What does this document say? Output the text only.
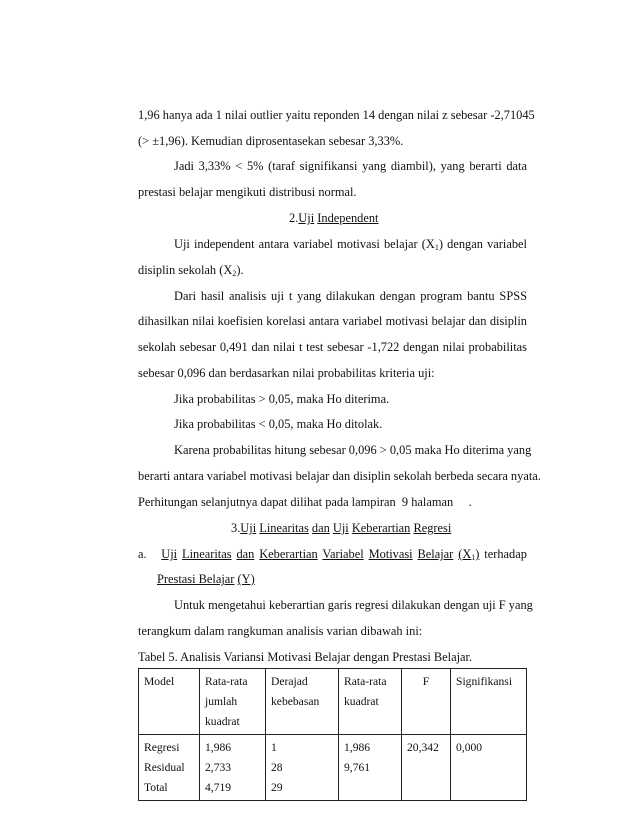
1,96 hanya ada 1 nilai outlier yaitu reponden 14 dengan nilai z sebesar -2,71045
(> ±1,96). Kemudian diprosentasekan sebesar 3,33%.
Jadi 3,33% < 5% (taraf signifikansi yang diambil), yang berarti data
prestasi belajar mengikuti distribusi normal.
2.Uji Independent
Uji independent antara variabel motivasi belajar $(X_1)$ dengan variabel
disiplin sekolah $(X_2)$.
Dari hasil analisis uji t yang dilakukan dengan program bantu SPSS
dihasilkan nilai koefisien korelasi antara variabel motivasi belajar dan disiplin
sekolah sebesar 0,491 dan nilai t test sebesar -1,722 dengan nilai probabilitas
sebesar 0,096 dan berdasarkan nilai probabilitas kriteria uji:
Jika probabilitas > 0,05, maka Ho diterima.
Jika probabilitas < 0,05, maka Ho ditolak.
Karena probabilitas hitung sebesar 0,096 > 0,05 maka Ho diterima yang
berarti antara variabel motivasi belajar dan disiplin sekolah berbeda secara nyata.
Perhitungan selanjutnya dapat dilihat pada lampiran  9 halaman     .
3.Uji Linearitas dan Uji Keberartian Regresi
a. Uji Linearitas dan Keberartian Variabel Motivasi Belajar $(X_1)$ terhadap
Prestasi Belajar (Y)
Untuk mengetahui keberartian garis regresi dilakukan dengan uji F yang
terangkum dalam rangkuman analisis varian dibawah ini:
Tabel 5. Analisis Variansi Motivasi Belajar dengan Prestasi Belajar.
Model	Rata-rata
jumlah
kuadrat	Derajad
kebebasan	Rata-rata
kuadrat	F	Signifikansi

Regresi
Residual
Total	1,986
2,733
4,719	1
28
29	1,986
9,761	20,342	0,000
